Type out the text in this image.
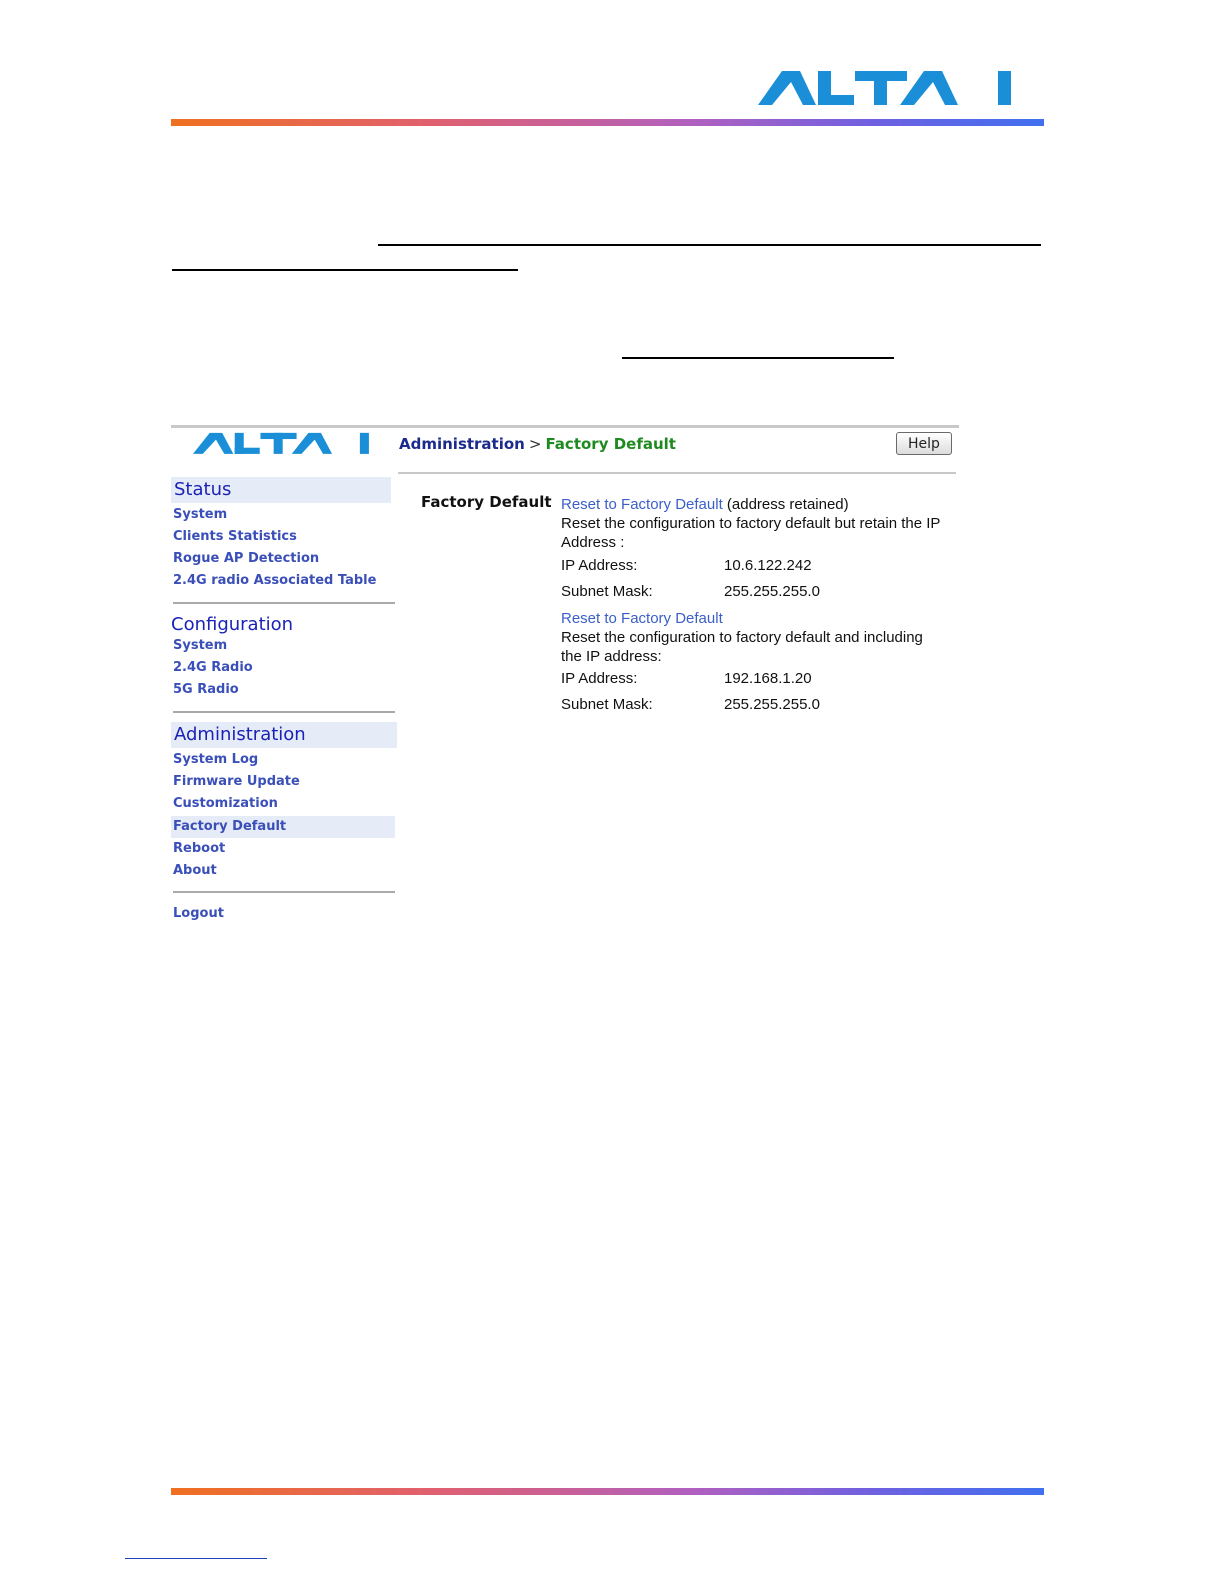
Administration > Factory Default	Help
Status
System
Clients Statistics
Rogue AP Detection
2.4G radio Associated Table
Configuration
System
2.4G Radio
5G Radio
Administration
System Log
Firmware Update
Customization
Factory Default
Reboot
About
Logout
Factory Default Reset to Factory Default (address retained)
Reset the configuration to factory default but retain the IP
Address :
IP Address:	10.6.122.242
Subnet Mask:	255.255.255.0
Reset to Factory Default
Reset the configuration to factory default and including
the IP address:
IP Address:	192.168.1.20
Subnet Mask:	255.255.255.0
